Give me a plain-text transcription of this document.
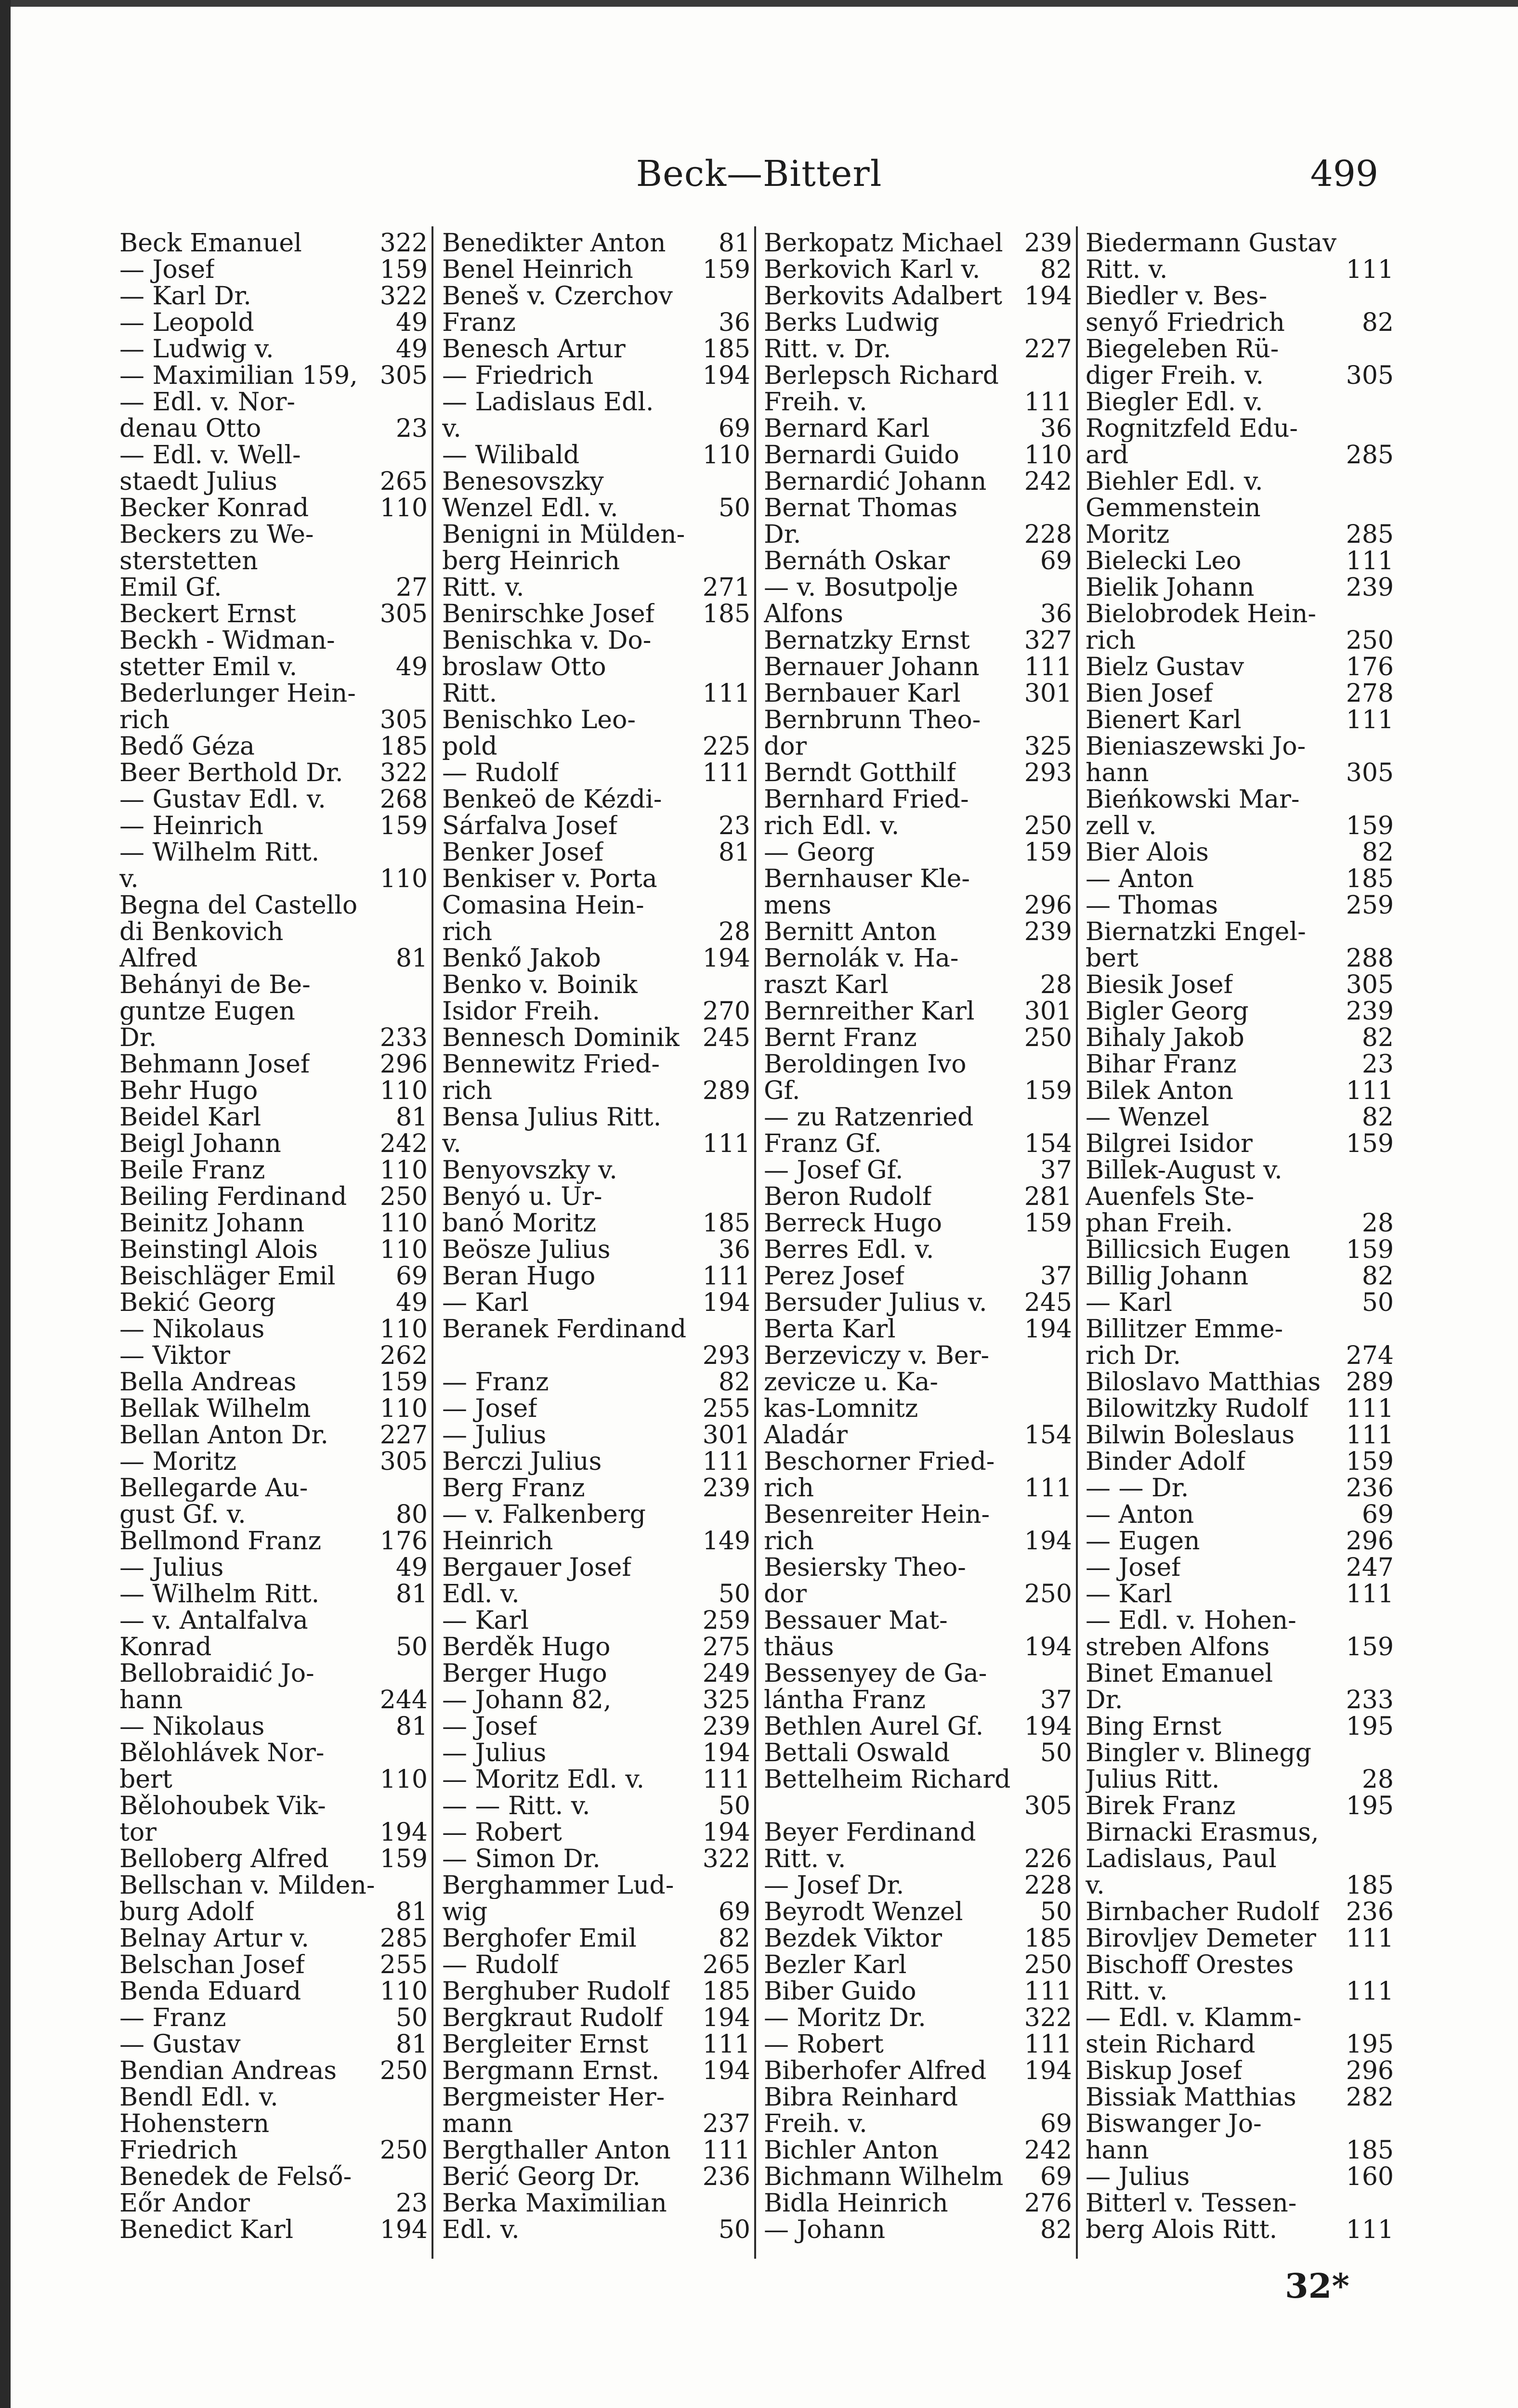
Beck—Bitterl	499
Beck Emanuel	322
— Josef	159
— Karl Dr.	322
— Leopold	49
— Ludwig v.	49
— Maximilian 159, 305
— Edl. v. Nor-
denau Otto	23
— Edl. v. Well-
staedt Julius	265
Becker Konrad	110
Beckers zu We-
sterstetten
Emil Gf.	27
Beckert Ernst	305
Beckh - Widman-
stetter Emil v.	49
Bederlunger Hein-
rich	305
Bedő Géza	185
Beer Berthold Dr. 322
— Gustav Edl. v. 268
— Heinrich	159
— Wilhelm Ritt.
v.	110
Begna del Castello
di Benkovich
Alfred	81
Behányi de Be-
guntze Eugen
Dr.	233
Behmann Josef	296
Behr Hugo	110
Beidel Karl	81
Beigl Johann	242
Beile Franz	110
Beiling Ferdinand 250
Beinitz Johann	110
Beinstingl Alois 110
Beischläger Emil 69
Bekić Georg	49
— Nikolaus	110
— Viktor	262
Bella Andreas	159
Bellak Wilhelm	110
Bellan Anton Dr. 227
— Moritz	305
Bellegarde Au-
gust Gf. v.	80
Bellmond Franz 176
— Julius	49
— Wilhelm Ritt.	81
— v. Antalfalva
Konrad	50
Bellobraidić Jo-
hann	244
— Nikolaus	81
Bělohlávek Nor-
bert	110
Bělohoubek Vik-
tor	194
Belloberg Alfred 159
Bellschan v. Milden-
burg Adolf	81
Belnay Artur v.	285
Belschan Josef	255
Benda Eduard	110
— Franz	50
— Gustav	81
Bendian Andreas 250
Bendl Edl. v.
Hohenstern
Friedrich	250
Benedek de Felső-
Eőr Andor	23
Benedict Karl	194
Benedikter Anton 81
Benel Heinrich	159
Beneš v. Czerchov
Franz	36
Benesch Artur	185
— Friedrich	194
— Ladislaus Edl.
v.	69
— Wilibald	110
Benesovszky
Wenzel Edl. v.	50
Benigni in Mülden-
berg Heinrich
Ritt. v.	271
Benirschke Josef 185
Benischka v. Do-
broslaw Otto
Ritt.	111
Benischko Leo-
pold	225
— Rudolf	111
Benkeö de Kézdi-
Sárfalva Josef	23
Benker Josef	81
Benkiser v. Porta
Comasina Hein-
rich	28
Benkő Jakob	194
Benko v. Boinik
Isidor Freih.	270
Bennesch Dominik 245
Bennewitz Fried-
rich	289
Bensa Julius Ritt.
v.	111
Benyovszky v.
Benyó u. Ur-
banó Moritz	185
Beösze Julius	36
Beran Hugo	111
— Karl	194
Beranek Ferdinand
293
— Franz	82
— Josef	255
— Julius	301
Berczi Julius	111
Berg Franz	239
— v. Falkenberg
Heinrich	149
Bergauer Josef
Edl. v.	50
— Karl	259
Berděk Hugo	275
Berger Hugo	249
— Johann 82,	325
— Josef	239
— Julius	194
— Moritz Edl. v. 111
— — Ritt. v.	50
— Robert	194
— Simon Dr.	322
Berghammer Lud-
wig	69
Berghofer Emil	82
— Rudolf	265
Berghuber Rudolf 185
Bergkraut Rudolf 194
Bergleiter Ernst 111
Bergmann Ernst. 194
Bergmeister Her-
mann	237
Bergthaller Anton 111
Berić Georg Dr. 236
Berka Maximilian
Edl. v.	50
Berkopatz Michael 239
Berkovich Karl v. 82
Berkovits Adalbert 194
Berks Ludwig
Ritt. v. Dr.	227
Berlepsch Richard
Freih. v.	111
Bernard Karl	36
Bernardi Guido	110
Bernardić Johann 242
Bernat Thomas
Dr.	228
Bernáth Oskar	69
— v. Bosutpolje
Alfons	36
Bernatzky Ernst 327
Bernauer Johann 111
Bernbauer Karl	301
Bernbrunn Theo-
dor	325
Berndt Gotthilf	293
Bernhard Fried-
rich Edl. v.	250
— Georg	159
Bernhauser Kle-
mens	296
Bernitt Anton	239
Bernolák v. Ha-
raszt Karl	28
Bernreither Karl 301
Bernt Franz	250
Beroldingen Ivo
Gf.	159
— zu Ratzenried
Franz Gf.	154
— Josef Gf.	37
Beron Rudolf	281
Berreck Hugo	159
Berres Edl. v.
Perez Josef	37
Bersuder Julius v. 245
Berta Karl	194
Berzeviczy v. Ber-
zevicze u. Ka-
kas-Lomnitz
Aladár	154
Beschorner Fried-
rich	111
Besenreiter Hein-
rich	194
Besiersky Theo-
dor	250
Bessauer Mat-
thäus	194
Bessenyey de Ga-
lántha Franz	37
Bethlen Aurel Gf. 194
Bettali Oswald	50
Bettelheim Richard
305
Beyer Ferdinand
Ritt. v.	226
— Josef Dr.	228
Beyrodt Wenzel	50
Bezdek Viktor	185
Bezler Karl	250
Biber Guido	111
— Moritz Dr.	322
— Robert	111
Biberhofer Alfred 194
Bibra Reinhard
Freih. v.	69
Bichler Anton	242
Bichmann Wilhelm 69
Bidla Heinrich	276
— Johann	82
Biedermann Gustav
Ritt. v.	111
Biedler v. Bes-
senyő Friedrich	82
Biegeleben Rü-
diger Freih. v.	305
Biegler Edl. v.
Rognitzfeld Edu-
ard	285
Biehler Edl. v.
Gemmenstein
Moritz	285
Bielecki Leo	111
Bielik Johann	239
Bielobrodek Hein-
rich	250
Bielz Gustav	176
Bien Josef	278
Bienert Karl	111
Bieniaszewski Jo-
hann	305
Bieńkowski Mar-
zell v.	159
Bier Alois	82
— Anton	185
— Thomas	259
Biernatzki Engel-
bert	288
Biesik Josef	305
Bigler Georg	239
Bihaly Jakob	82
Bihar Franz	23
Bilek Anton	111
— Wenzel	82
Bilgrei Isidor	159
Billek-August v.
Auenfels Ste-
phan Freih.	28
Billicsich Eugen 159
Billig Johann	82
— Karl	50
Billitzer Emme-
rich Dr.	274
Biloslavo Matthias 289
Bilowitzky Rudolf 111
Bilwin Boleslaus 111
Binder Adolf	159
— — Dr.	236
— Anton	69
— Eugen	296
— Josef	247
— Karl	111
— Edl. v. Hohen-
streben Alfons	159
Binet Emanuel
Dr.	233
Bing Ernst	195
Bingler v. Blinegg
Julius Ritt.	28
Birek Franz	195
Birnacki Erasmus,
Ladislaus, Paul
v.	185
Birnbacher Rudolf 236
Birovljev Demeter 111
Bischoff Orestes
Ritt. v.	111
— Edl. v. Klamm-
stein Richard	195
Biskup Josef	296
Bissiak Matthias 282
Biswanger Jo-
hann	185
— Julius	160
Bitterl v. Tessen-
berg Alois Ritt.	111
32*
